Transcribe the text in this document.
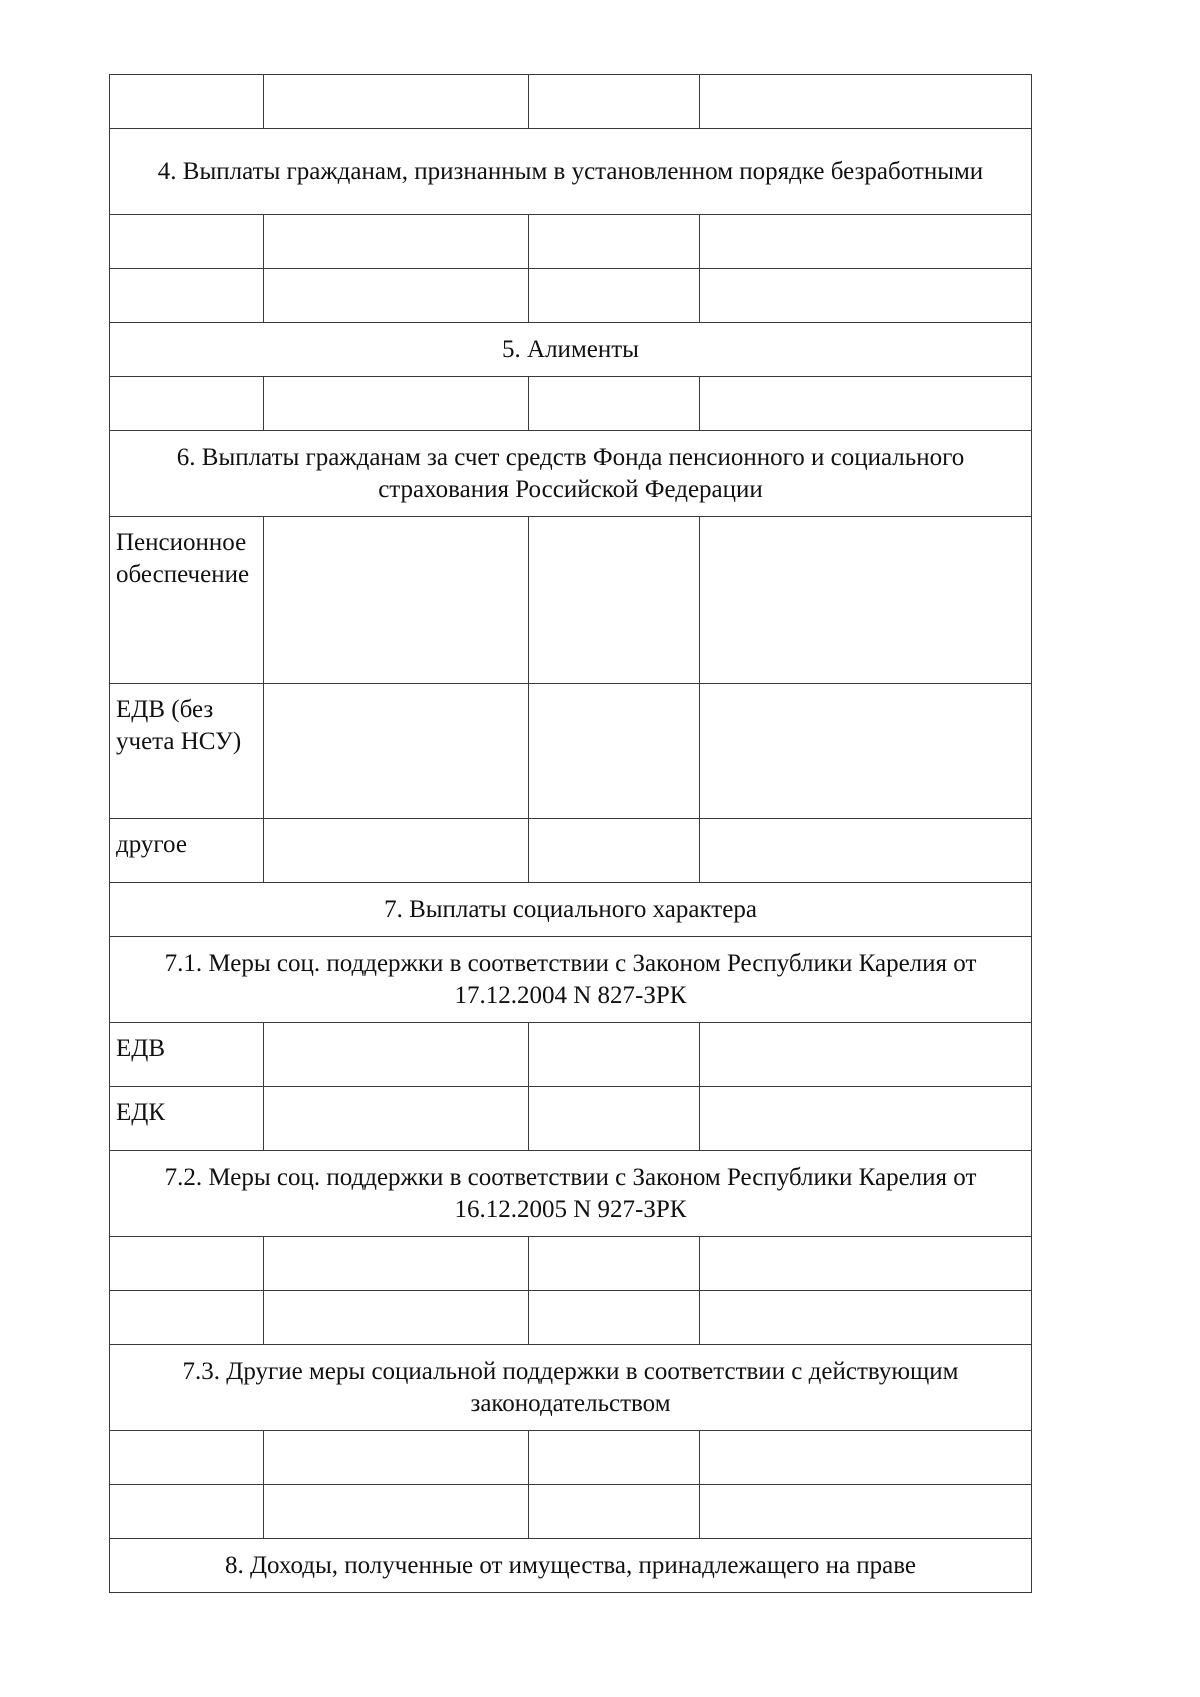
4. Выплаты гражданам, признанным в установленном порядке безработными			

5. Алименты			

6. Выплаты гражданам за счет средств Фонда пенсионного и социального страхования Российской Федерации			
Пенсионное обеспечение			
ЕДВ (без учета НСУ)			
другое			
7. Выплаты социального характера			
7.1. Меры соц. поддержки в соответствии с Законом Республики Карелия от 17.12.2004 N 827-ЗРК			
ЕДВ			
ЕДК			
7.2. Меры соц. поддержки в соответствии с Законом Республики Карелия от 16.12.2005 N 927-ЗРК			

7.3. Другие меры социальной поддержки в соответствии с действующим законодательством			

8. Доходы, полученные от имущества, принадлежащего на праве			
